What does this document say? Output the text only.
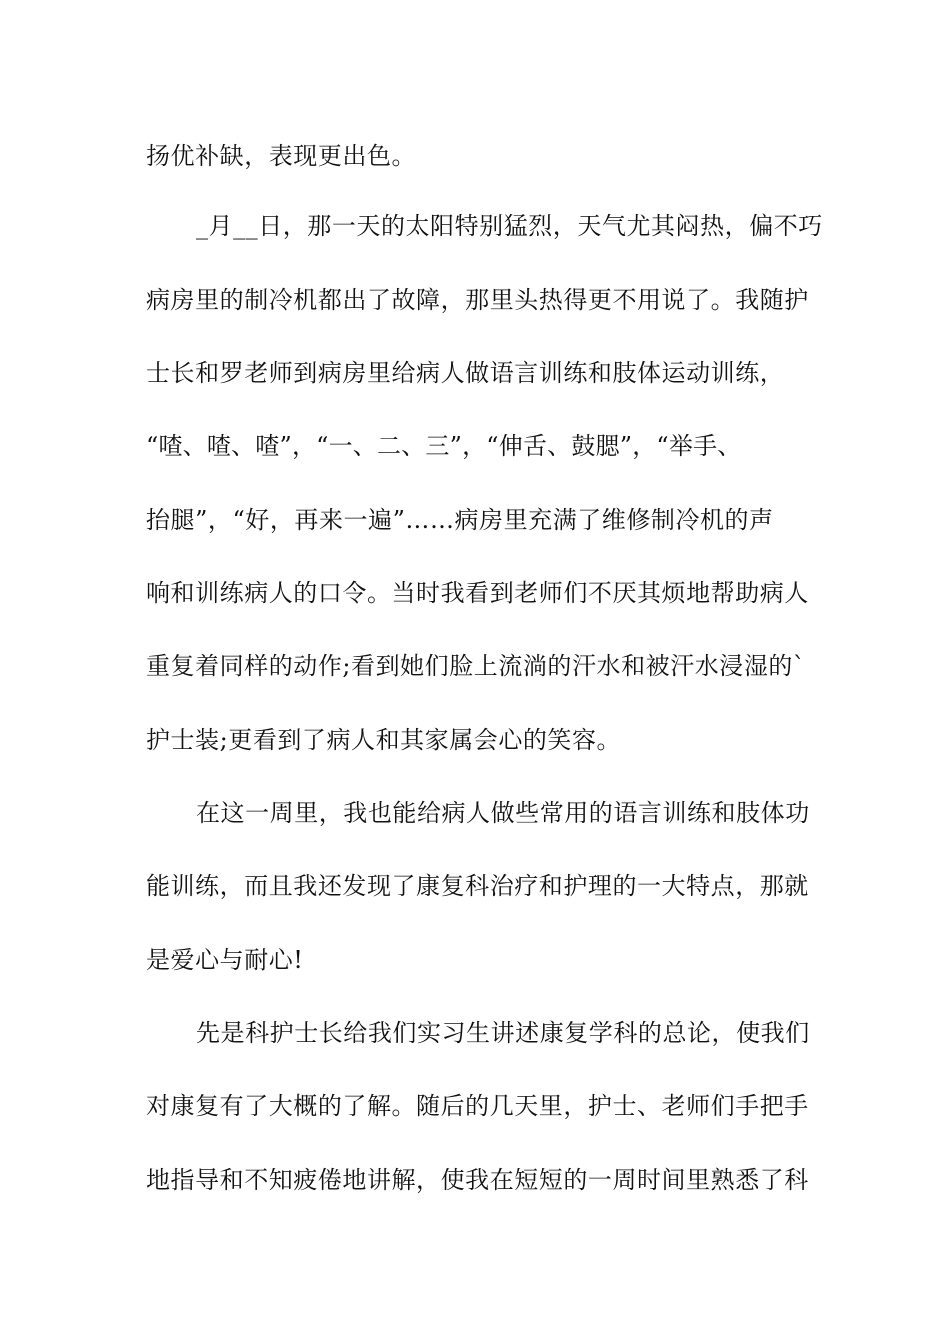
扬优补缺，表现更出色。
_月__日，那一天的太阳特别猛烈，天气尤其闷热，偏不巧
病房里的制冷机都出了故障，那里头热得更不用说了。我随护
士长和罗老师到病房里给病人做语言训练和肢体运动训练，
“喳、喳、喳”，“一、二、三”，“伸舌、鼓腮”，“举手、
抬腿”，“好，再来一遍”……病房里充满了维修制冷机的声
响和训练病人的口令。当时我看到老师们不厌其烦地帮助病人
重复着同样的动作;看到她们脸上流淌的汗水和被汗水浸湿的`
护士装;更看到了病人和其家属会心的笑容。
在这一周里，我也能给病人做些常用的语言训练和肢体功
能训练，而且我还发现了康复科治疗和护理的一大特点，那就
是爱心与耐心!
先是科护士长给我们实习生讲述康复学科的总论，使我们
对康复有了大概的了解。随后的几天里，护士、老师们手把手
地指导和不知疲倦地讲解，使我在短短的一周时间里熟悉了科
